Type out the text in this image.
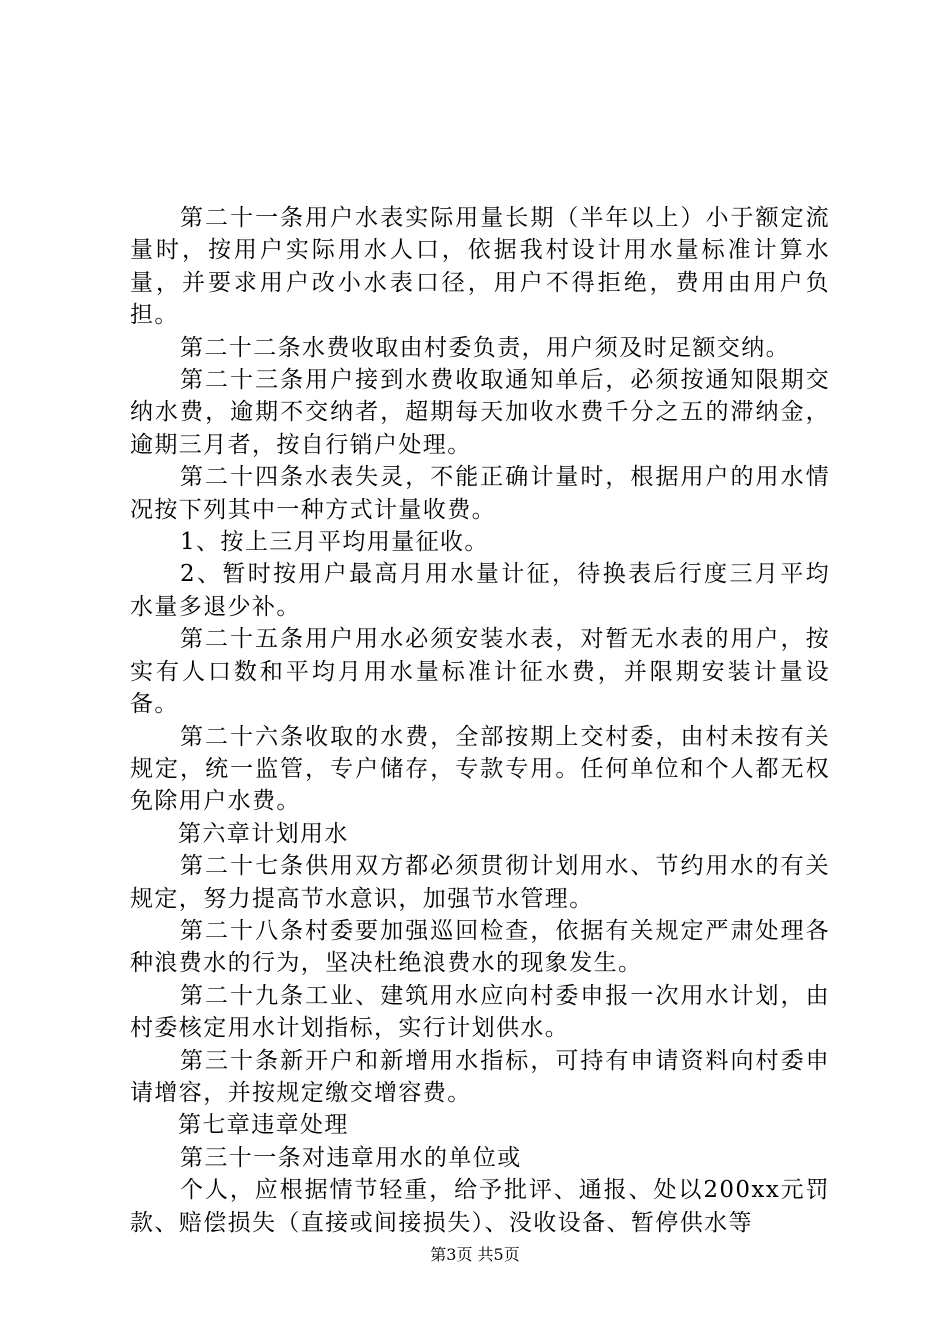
第二十一条用户水表实际用量长期（半年以上）小于额定流量时，按用户实际用水人口，依据我村设计用水量标准计算水量，并要求用户改小水表口径，用户不得拒绝，费用由用户负担。

第二十二条水费收取由村委负责，用户须及时足额交纳。

第二十三条用户接到水费收取通知单后，必须按通知限期交纳水费，逾期不交纳者，超期每天加收水费千分之五的滞纳金，逾期三月者，按自行销户处理。

第二十四条水表失灵，不能正确计量时，根据用户的用水情况按下列其中一种方式计量收费。

1、按上三月平均用量征收。

2、暂时按用户最高月用水量计征，待换表后行度三月平均水量多退少补。

第二十五条用户用水必须安装水表，对暂无水表的用户，按实有人口数和平均月用水量标准计征水费，并限期安装计量设备。

第二十六条收取的水费，全部按期上交村委，由村未按有关规定，统一监管，专户储存，专款专用。任何单位和个人都无权免除用户水费。

第六章计划用水

第二十七条供用双方都必须贯彻计划用水、节约用水的有关规定，努力提高节水意识，加强节水管理。

第二十八条村委要加强巡回检查，依据有关规定严肃处理各种浪费水的行为，坚决杜绝浪费水的现象发生。

第二十九条工业、建筑用水应向村委申报一次用水计划，由村委核定用水计划指标，实行计划供水。

第三十条新开户和新增用水指标，可持有申请资料向村委申请增容，并按规定缴交增容费。

第七章违章处理

第三十一条对违章用水的单位或

个人，应根据情节轻重，给予批评、通报、处以200xx元罚款、赔偿损失（直接或间接损失）、没收设备、暂停供水等

第3页 共5页
